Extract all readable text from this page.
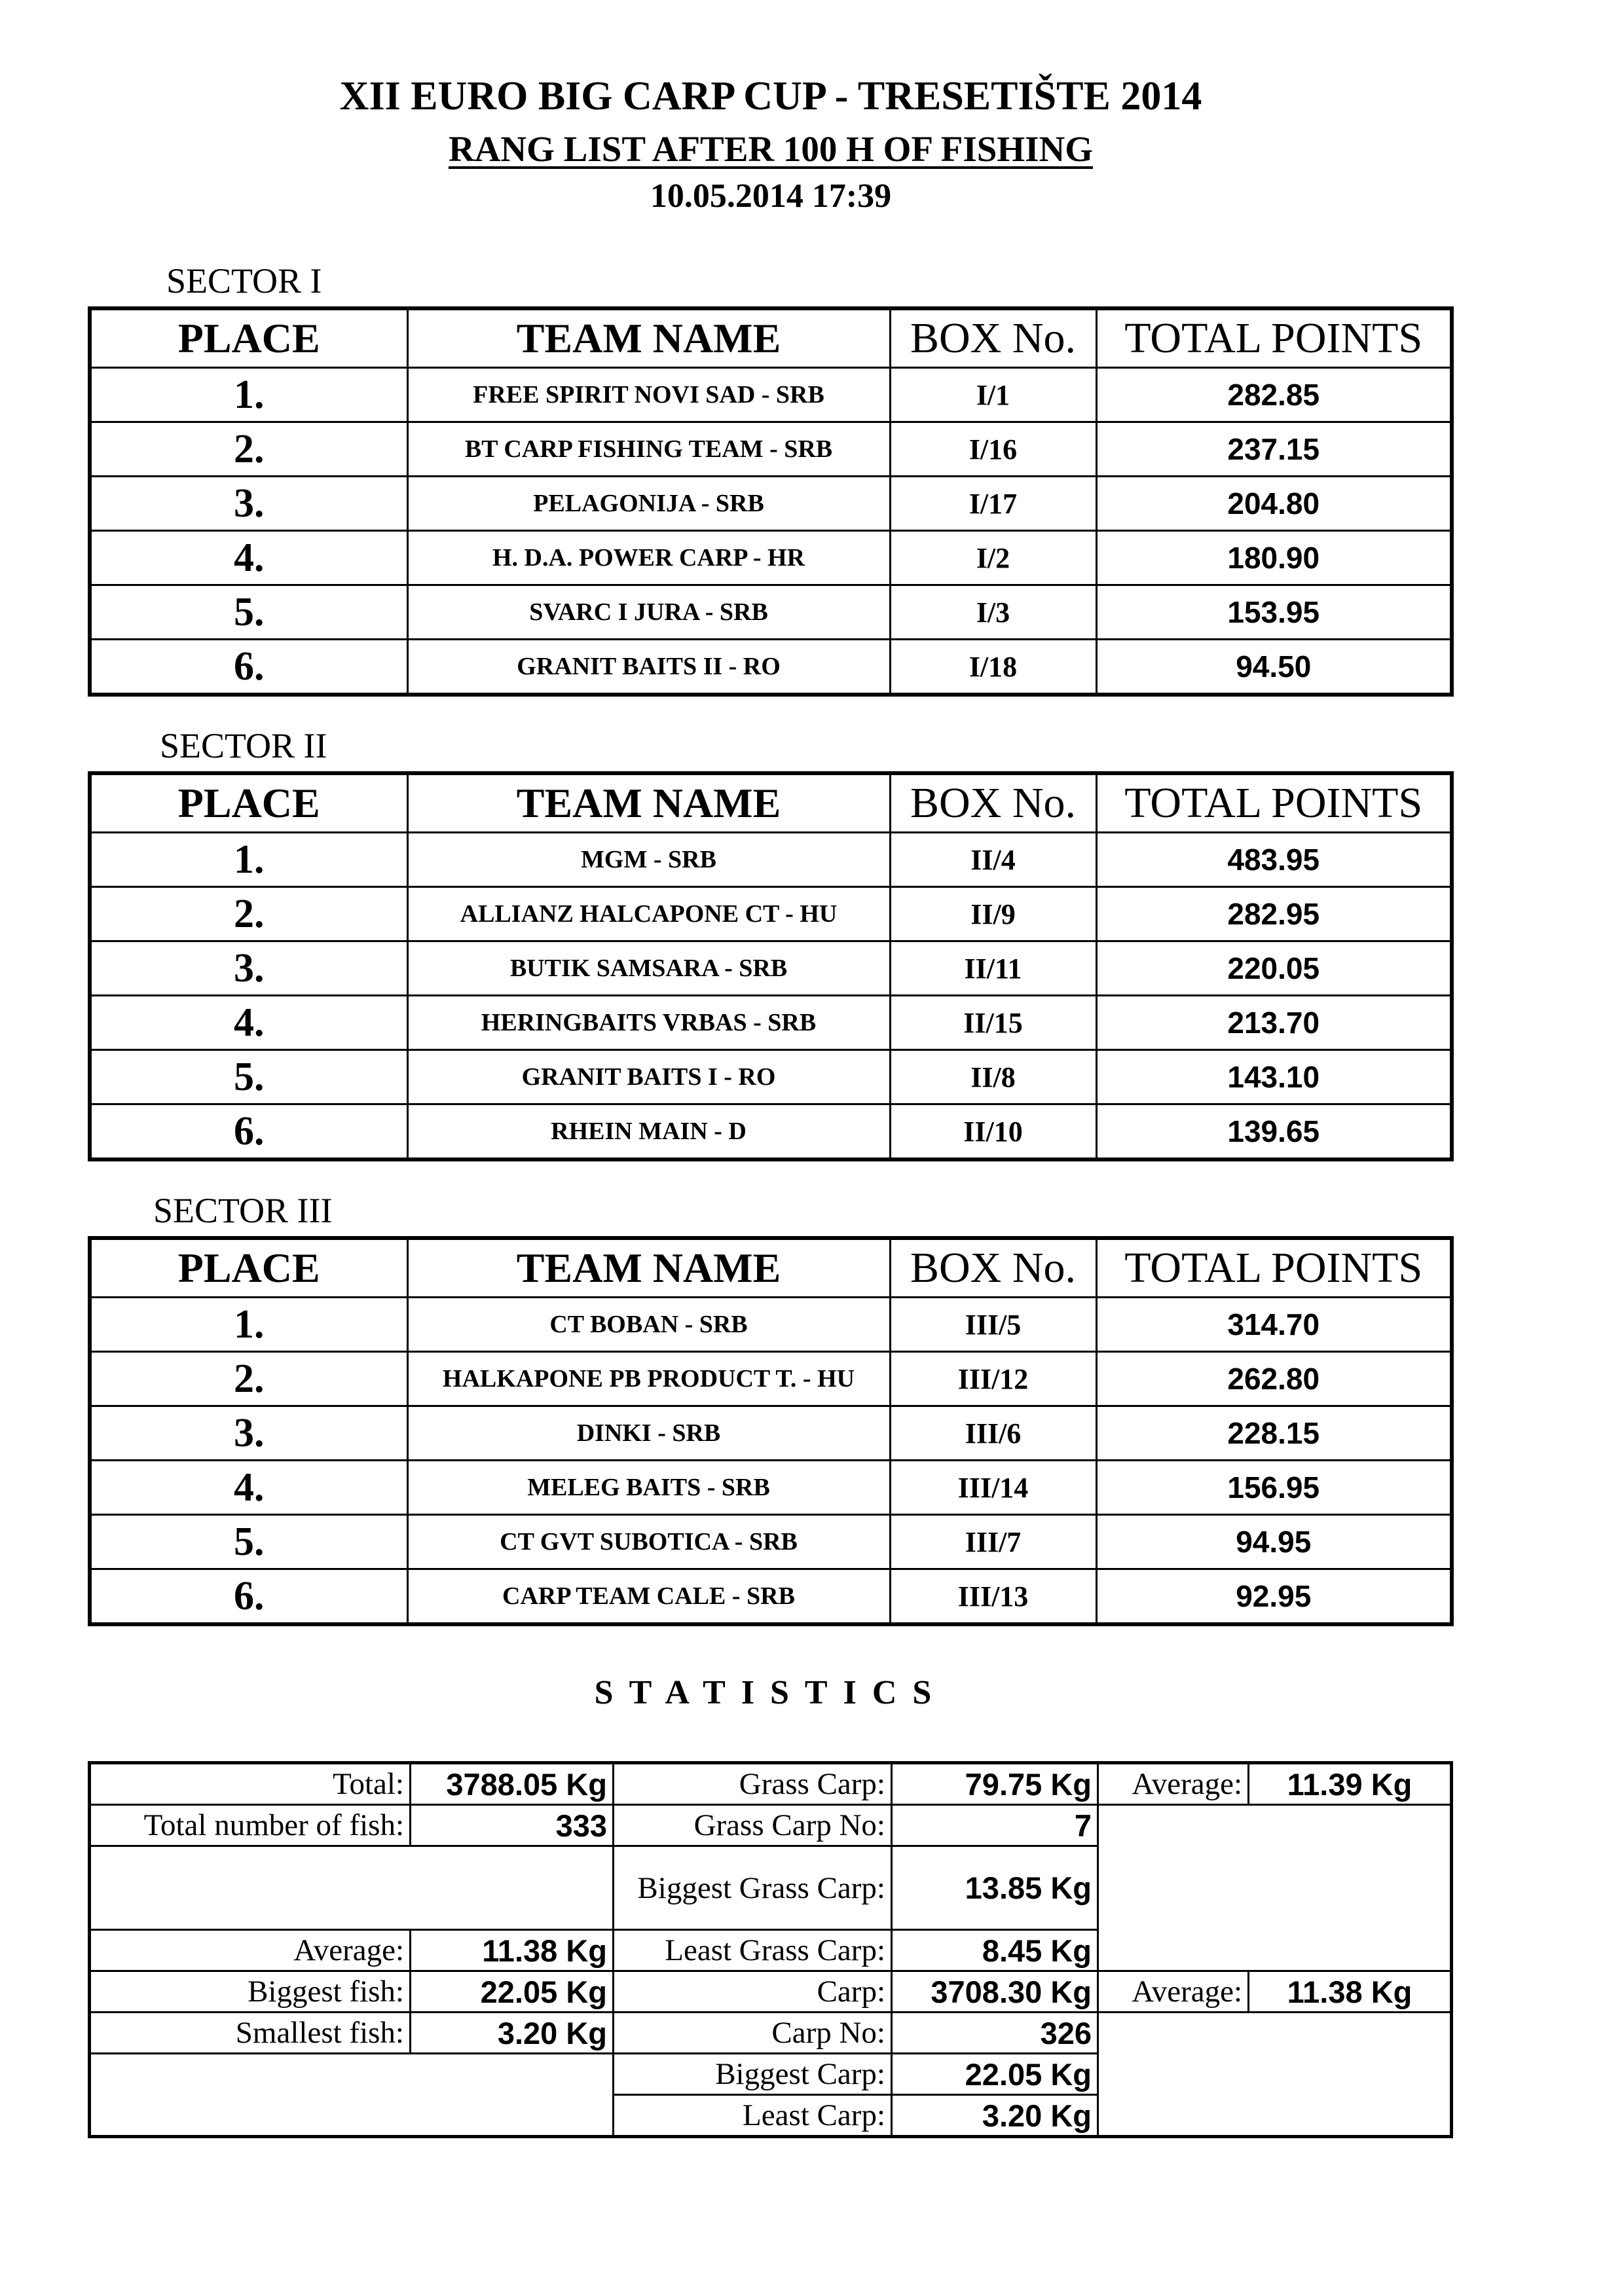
XII EURO BIG CARP CUP - TRESETIŠTE 2014
RANG LIST AFTER 100 H OF FISHING
10.05.2014 17:39
SECTOR I
PLACE	TEAM NAME	BOX No.	TOTAL POINTS
1.	FREE SPIRIT NOVI SAD - SRB	I/1	282.85
2.	BT CARP FISHING TEAM - SRB	I/16	237.15
3.	PELAGONIJA - SRB	I/17	204.80
4.	H. D.A. POWER CARP - HR	I/2	180.90
5.	SVARC I JURA - SRB	I/3	153.95
6.	GRANIT BAITS II - RO	I/18	94.50
SECTOR II
PLACE	TEAM NAME	BOX No.	TOTAL POINTS
1.	MGM - SRB	II/4	483.95
2.	ALLIANZ HALCAPONE CT - HU	II/9	282.95
3.	BUTIK SAMSARA - SRB	II/11	220.05
4.	HERINGBAITS VRBAS - SRB	II/15	213.70
5.	GRANIT BAITS I - RO	II/8	143.10
6.	RHEIN MAIN - D	II/10	139.65
SECTOR III
PLACE	TEAM NAME	BOX No.	TOTAL POINTS
1.	CT BOBAN - SRB	III/5	314.70
2.	HALKAPONE PB PRODUCT T. - HU	III/12	262.80
3.	DINKI - SRB	III/6	228.15
4.	MELEG BAITS - SRB	III/14	156.95
5.	CT GVT SUBOTICA - SRB	III/7	94.95
6.	CARP TEAM CALE - SRB	III/13	92.95
STATISTICS
Total:	3788.05 Kg	Grass Carp:	79.75 Kg	Average:	11.39 Kg
Total number of fish:	333	Grass Carp No:	7		
		Biggest Grass Carp:	13.85 Kg		
Average:	11.38 Kg	Least Grass Carp:	8.45 Kg		
Biggest fish:	22.05 Kg	Carp:	3708.30 Kg	Average:	11.38 Kg
Smallest fish:	3.20 Kg	Carp No:	326		
		Biggest Carp:	22.05 Kg		
		Least Carp:	3.20 Kg		
